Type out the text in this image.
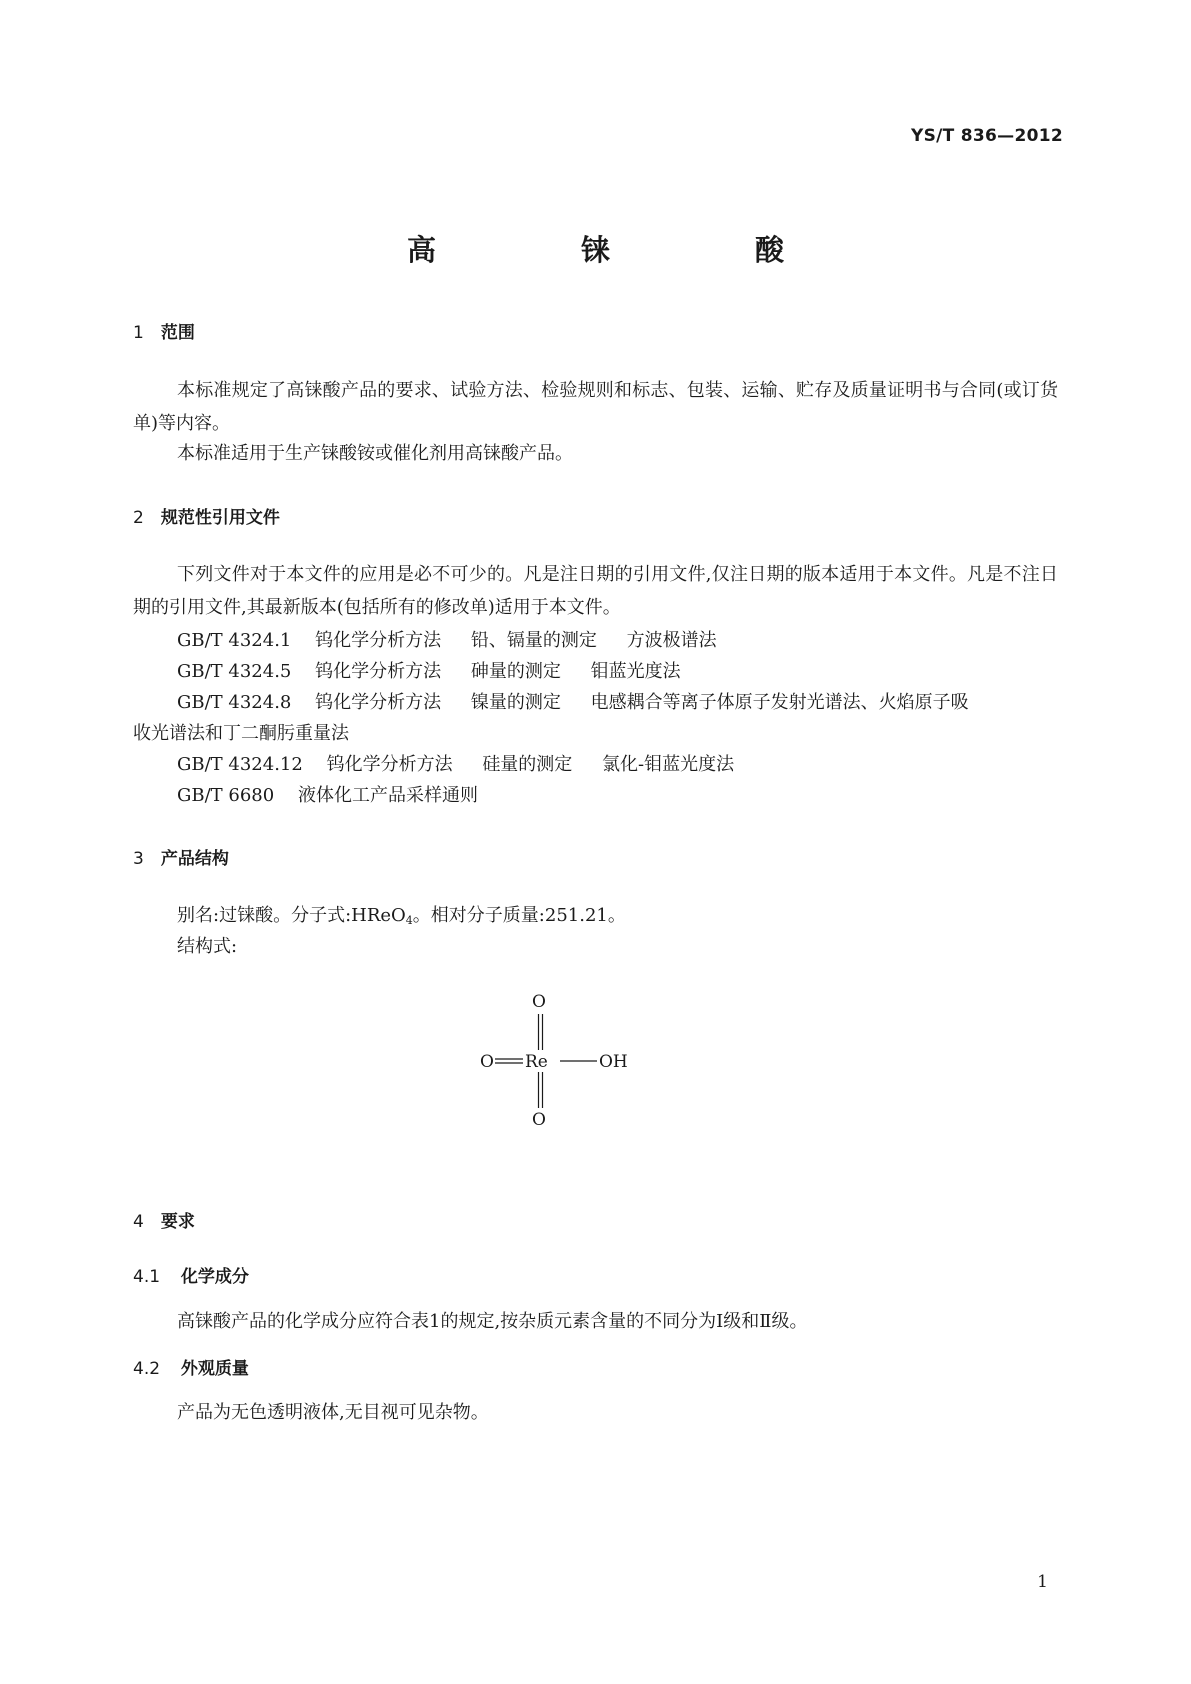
YS/T 836—2012
高　铼　酸
1 范围
本标准规定了高铼酸产品的要求、试验方法、检验规则和标志、包装、运输、贮存及质量证明书与合同(或订货单)等内容。
本标准适用于生产铼酸铵或催化剂用高铼酸产品。
2 规范性引用文件
下列文件对于本文件的应用是必不可少的。凡是注日期的引用文件,仅注日期的版本适用于本文件。凡是不注日期的引用文件,其最新版本(包括所有的修改单)适用于本文件。
GB/T 4324.1 钨化学分析方法 铅、镉量的测定 方波极谱法
GB/T 4324.5 钨化学分析方法 砷量的测定 钼蓝光度法
GB/T 4324.8 钨化学分析方法 镍量的测定 电感耦合等离子体原子发射光谱法、火焰原子吸
收光谱法和丁二酮肟重量法
GB/T 4324.12 钨化学分析方法 硅量的测定 氯化-钼蓝光度法
GB/T 6680 液体化工产品采样通则
3 产品结构
别名:过铼酸。分子式:HReO4。相对分子质量:251.21。
结构式:
O
O Re	OH
O
4 要求
4.1 化学成分
高铼酸产品的化学成分应符合表1的规定,按杂质元素含量的不同分为Ⅰ级和Ⅱ级。
4.2 外观质量
产品为无色透明液体,无目视可见杂物。
1
